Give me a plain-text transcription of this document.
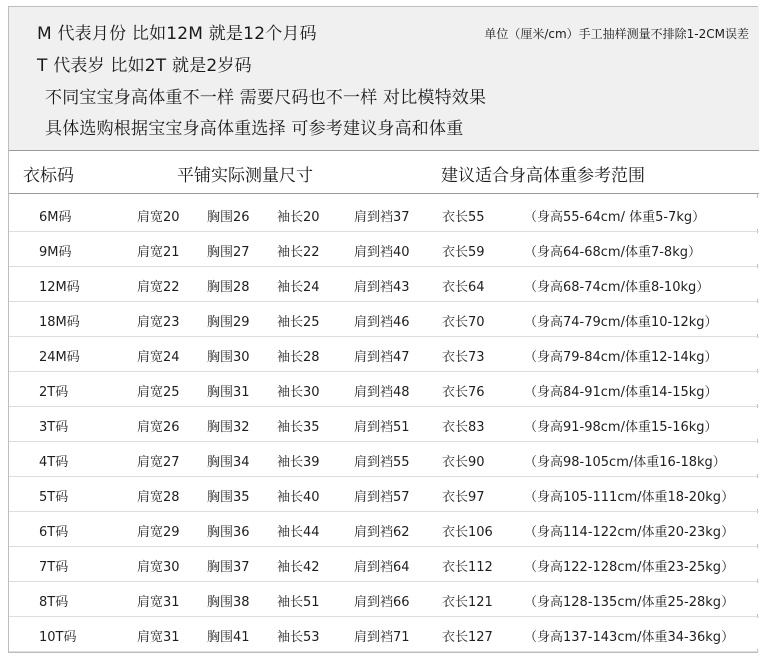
M 代表月份 比如12M 就是12个月码
T 代表岁 比如2T 就是2岁码
不同宝宝身高体重不一样 需要尺码也不一样 对比模特效果
具体选购根据宝宝身高体重选择 可参考建议身高和体重
单位（厘米/cm）手工抽样测量不排除1-2CM误差
衣标码	平铺实际测量尺寸	建议适合身高体重参考范围
6M码	肩宽20 胸围26 袖长20	肩到裆37 衣长55	（身高55-64cm/ 体重5-7kg）
9M码	肩宽21 胸围27 袖长22	肩到裆40 衣长59	（身高64-68cm/体重7-8kg）
12M码	肩宽22 胸围28 袖长24	肩到裆43 衣长64	（身高68-74cm/体重8-10kg）
18M码	肩宽23 胸围29 袖长25	肩到裆46 衣长70	（身高74-79cm/体重10-12kg）
24M码	肩宽24 胸围30 袖长28	肩到裆47 衣长73	（身高79-84cm/体重12-14kg）
2T码	肩宽25 胸围31 袖长30	肩到裆48 衣长76	（身高84-91cm/体重14-15kg）
3T码	肩宽26 胸围32 袖长35	肩到裆51 衣长83	（身高91-98cm/体重15-16kg）
4T码	肩宽27 胸围34 袖长39	肩到裆55 衣长90	（身高98-105cm/体重16-18kg）
5T码	肩宽28 胸围35 袖长40	肩到裆57 衣长97	（身高105-111cm/体重18-20kg）
6T码	肩宽29 胸围36 袖长44	肩到裆62 衣长106 （身高114-122cm/体重20-23kg）
7T码	肩宽30 胸围37 袖长42	肩到裆64 衣长112 （身高122-128cm/体重23-25kg）
8T码	肩宽31 胸围38 袖长51	肩到裆66 衣长121 （身高128-135cm/体重25-28kg）
10T码	肩宽31 胸围41 袖长53	肩到裆71 衣长127 （身高137-143cm/体重34-36kg）
